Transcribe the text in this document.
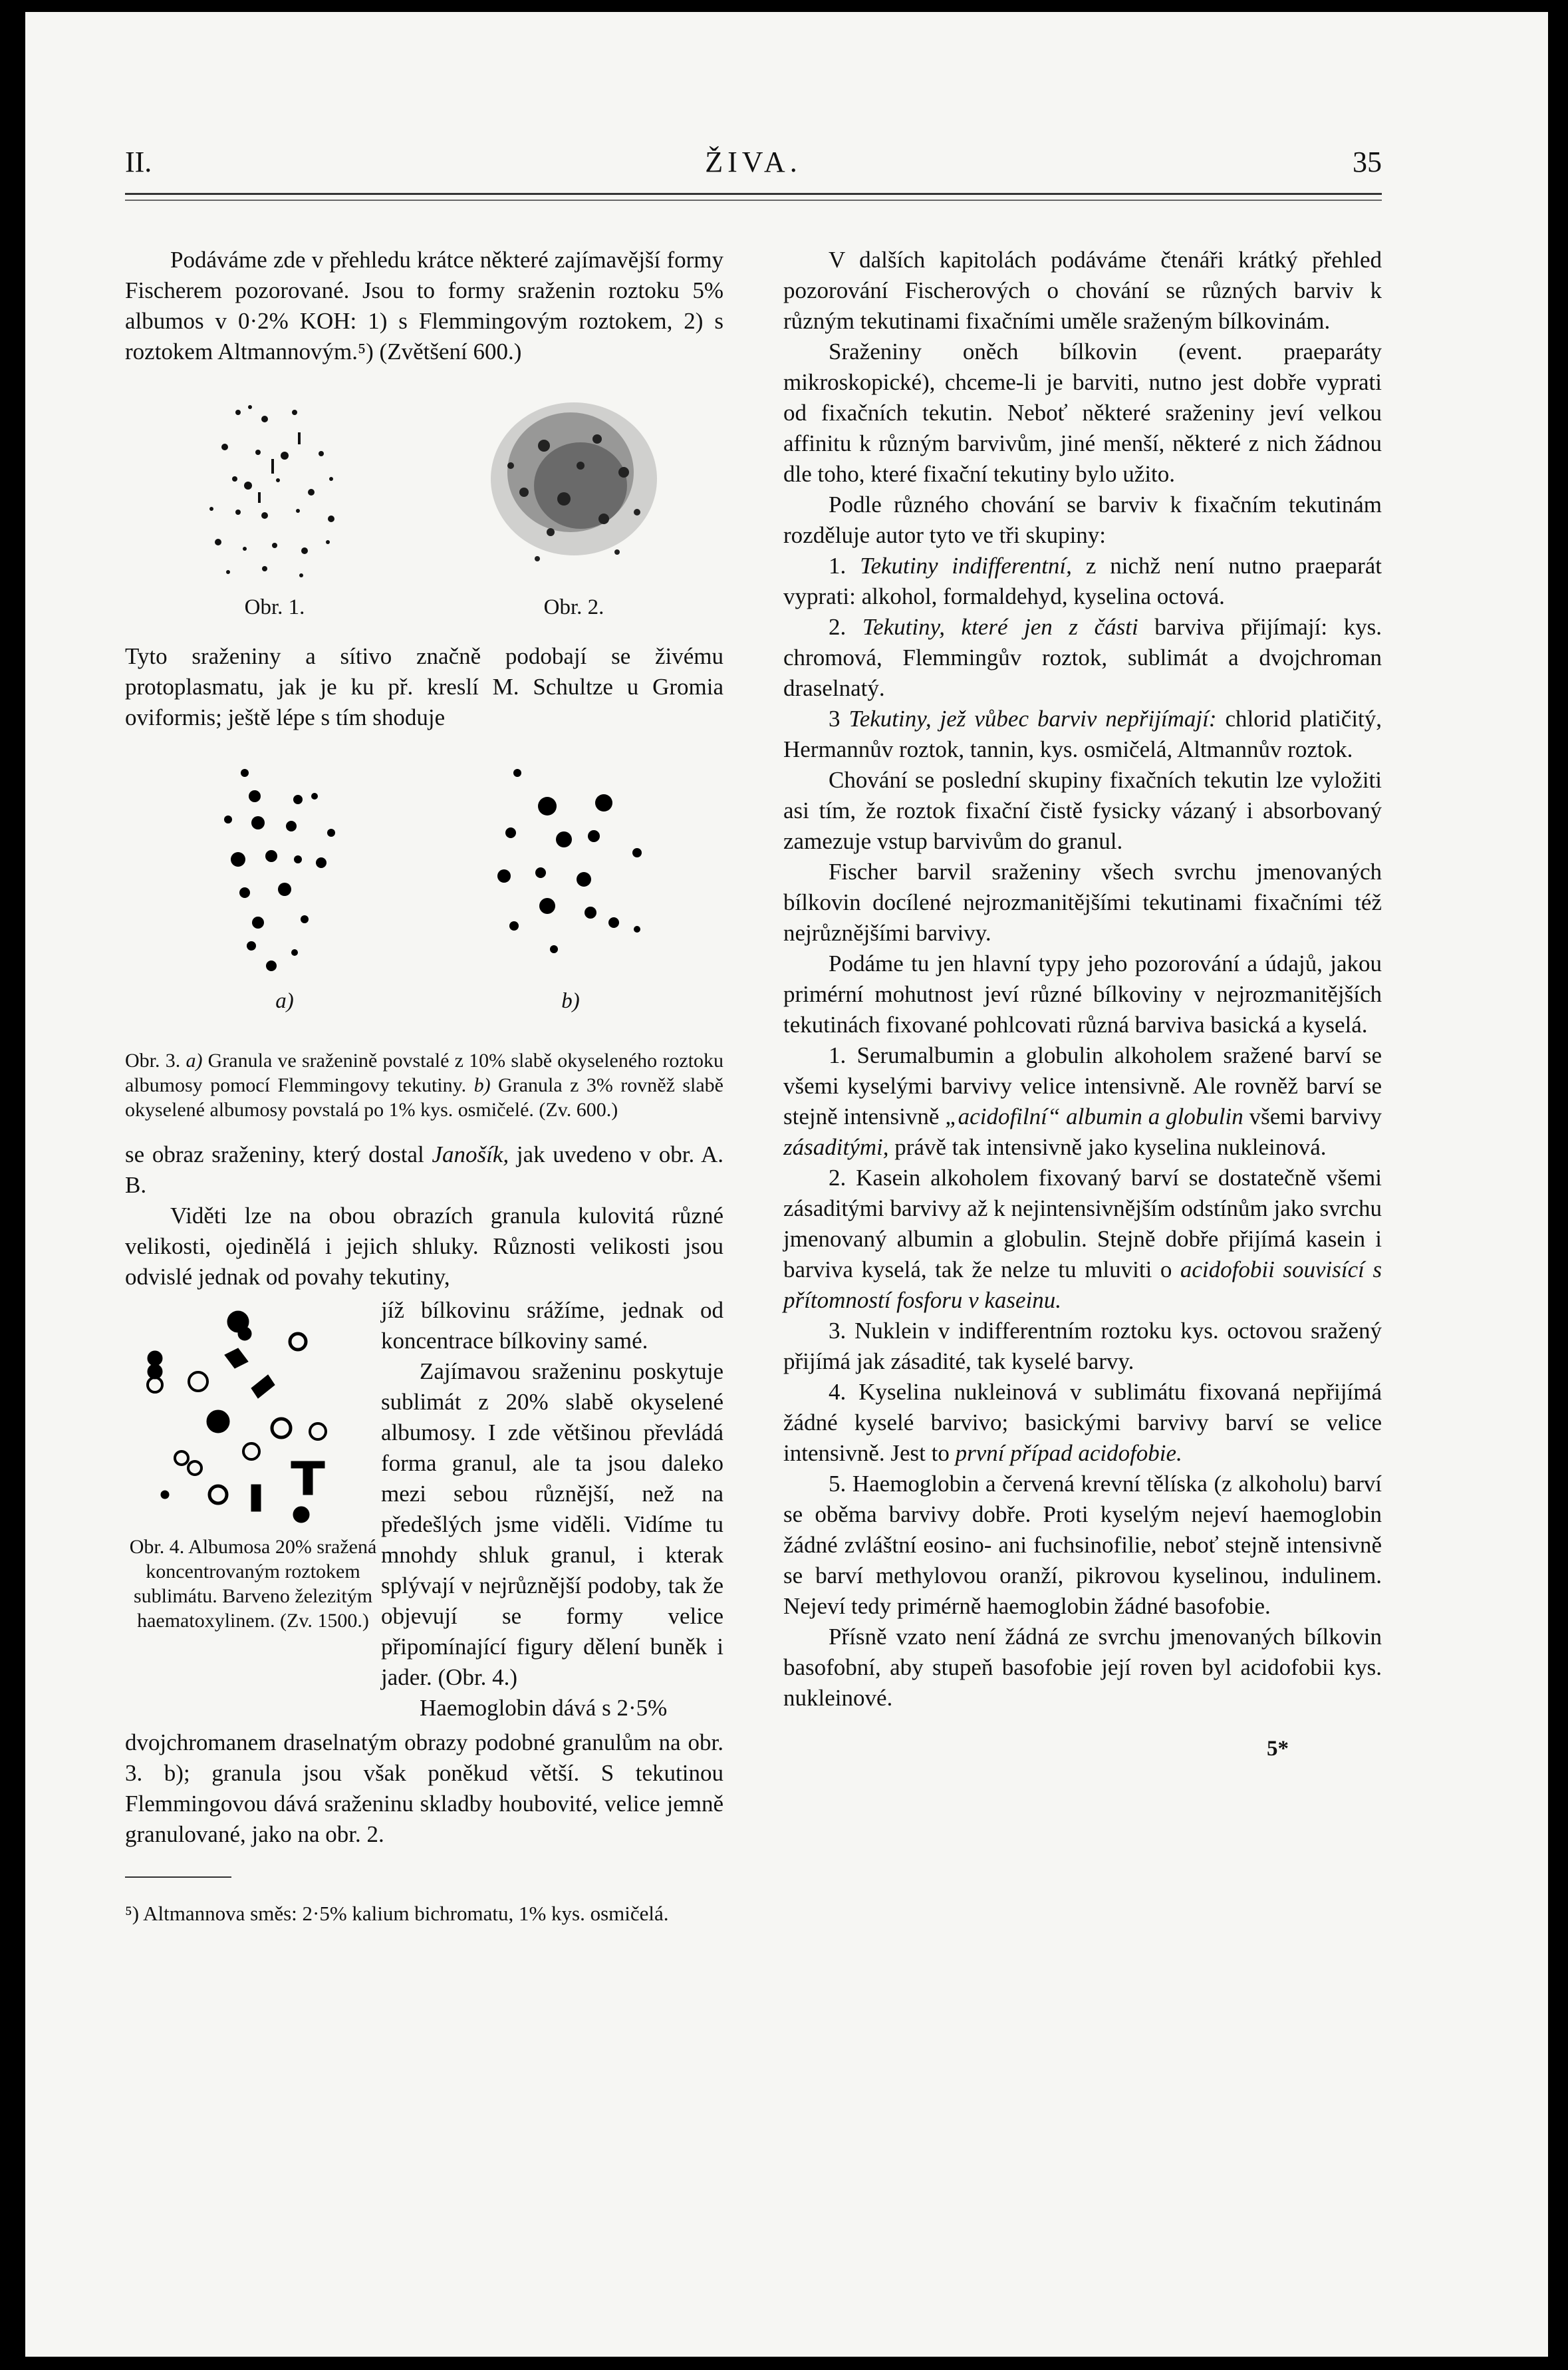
II.	ŽIVA.	35

Podáváme zde v přehledu krátce některé zajímavější formy Fischerem pozorované. Jsou to formy sraženin roztoku 5% albumos v 0·2% KOH: 1) s Flemmingovým roztokem, 2) s roztokem Altmannovým.⁵) (Zvětšení 600.)

Obr. 1.	Obr. 2.

Tyto sraženiny a sítivo značně podobají se živému protoplasmatu, jak je ku př. kreslí M. Schultze u Gromia oviformis; ještě lépe s tím shoduje

a)	b)
Obr. 3. a) Granula ve sraženině povstalé z 10% slabě okyseleného roztoku albumosy pomocí Flemmingovy tekutiny. b) Granula z 3% rovněž slabě okyselené albumosy povstalá po 1% kys. osmičelé. (Zv. 600.)

se obraz sraženiny, který dostal Janošík, jak uvedeno v obr. A. B.

Viděti lze na obou obrazích granula kulovitá různé velikosti, ojedinělá i jejich shluky. Různosti velikosti jsou odvislé jednak od povahy tekutiny,

Obr. 4. Albumosa 20% sražená koncentrovaným roztokem sublimátu. Barveno železitým haematoxylinem. (Zv. 1500.)

jíž bílkovinu srážíme, jednak od koncentrace bílkoviny samé.

Zajímavou sraženinu poskytuje sublimát z 20% slabě okyselené albumosy. I zde většinou převládá forma granul, ale ta jsou daleko mezi sebou různější, než na předešlých jsme viděli. Vidíme tu mnohdy shluk granul, i kterak splývají v nejrůznější podoby, tak že objevují se formy velice připomínající figury dělení buněk i jader. (Obr. 4.)

Haemoglobin dává s 2·5%

dvojchromanem draselnatým obrazy podobné granulům na obr. 3. b); granula jsou však poněkud větší. S tekutinou Flemmingovou dává sraženinu skladby houbovité, velice jemně granulované, jako na obr. 2.

⁵) Altmannova směs: 2·5% kalium bichromatu, 1% kys. osmičelá.

V dalších kapitolách podáváme čtenáři krátký přehled pozorování Fischerových o chování se různých barviv k různým tekutinami fixačními uměle sraženým bílkovinám.

Sraženiny oněch bílkovin (event. praeparáty mikroskopické), chceme-li je barviti, nutno jest dobře vyprati od fixačních tekutin. Neboť některé sraženiny jeví velkou affinitu k různým barvivům, jiné menší, některé z nich žádnou dle toho, které fixační tekutiny bylo užito.

Podle různého chování se barviv k fixačním tekutinám rozděluje autor tyto ve tři skupiny:

1. Tekutiny indifferentní, z nichž není nutno praeparát vyprati: alkohol, formaldehyd, kyselina octová.

2. Tekutiny, které jen z části barviva přijímají: kys. chromová, Flemmingův roztok, sublimát a dvojchroman draselnatý.

3 Tekutiny, jež vůbec barviv nepřijímají: chlorid platičitý, Hermannův roztok, tannin, kys. osmičelá, Altmannův roztok.

Chování se poslední skupiny fixačních tekutin lze vyložiti asi tím, že roztok fixační čistě fysicky vázaný i absorbovaný zamezuje vstup barvivům do granul.

Fischer barvil sraženiny všech svrchu jmenovaných bílkovin docílené nejrozmanitějšími tekutinami fixačními též nejrůznějšími barvivy.

Podáme tu jen hlavní typy jeho pozorování a údajů, jakou primérní mohutnost jeví různé bílkoviny v nejrozmanitějších tekutinách fixované pohlcovati různá barviva basická a kyselá.

1. Serumalbumin a globulin alkoholem sražené barví se všemi kyselými barvivy velice intensivně. Ale rovněž barví se stejně intensivně „acidofilní“ albumin a globulin všemi barvivy zásaditými, právě tak intensivně jako kyselina nukleinová.

2. Kasein alkoholem fixovaný barví se dostatečně všemi zásaditými barvivy až k nejintensivnějším odstínům jako svrchu jmenovaný albumin a globulin. Stejně dobře přijímá kasein i barviva kyselá, tak že nelze tu mluviti o acidofobii souvisící s přítomností fosforu v kaseinu.

3. Nuklein v indifferentním roztoku kys. octovou sražený přijímá jak zásadité, tak kyselé barvy.

4. Kyselina nukleinová v sublimátu fixovaná nepřijímá žádné kyselé barvivo; basickými barvivy barví se velice intensivně. Jest to první případ acidofobie.

5. Haemoglobin a červená krevní tělíska (z alkoholu) barví se oběma barvivy dobře. Proti kyselým nejeví haemoglobin žádné zvláštní eosino- ani fuchsinofilie, neboť stejně intensivně se barví methylovou oranží, pikrovou kyselinou, indulinem. Nejeví tedy primérně haemoglobin žádné basofobie.

Přísně vzato není žádná ze svrchu jmenovaných bílkovin basofobní, aby stupeň basofobie její roven byl acidofobii kys. nukleinové.

5*
